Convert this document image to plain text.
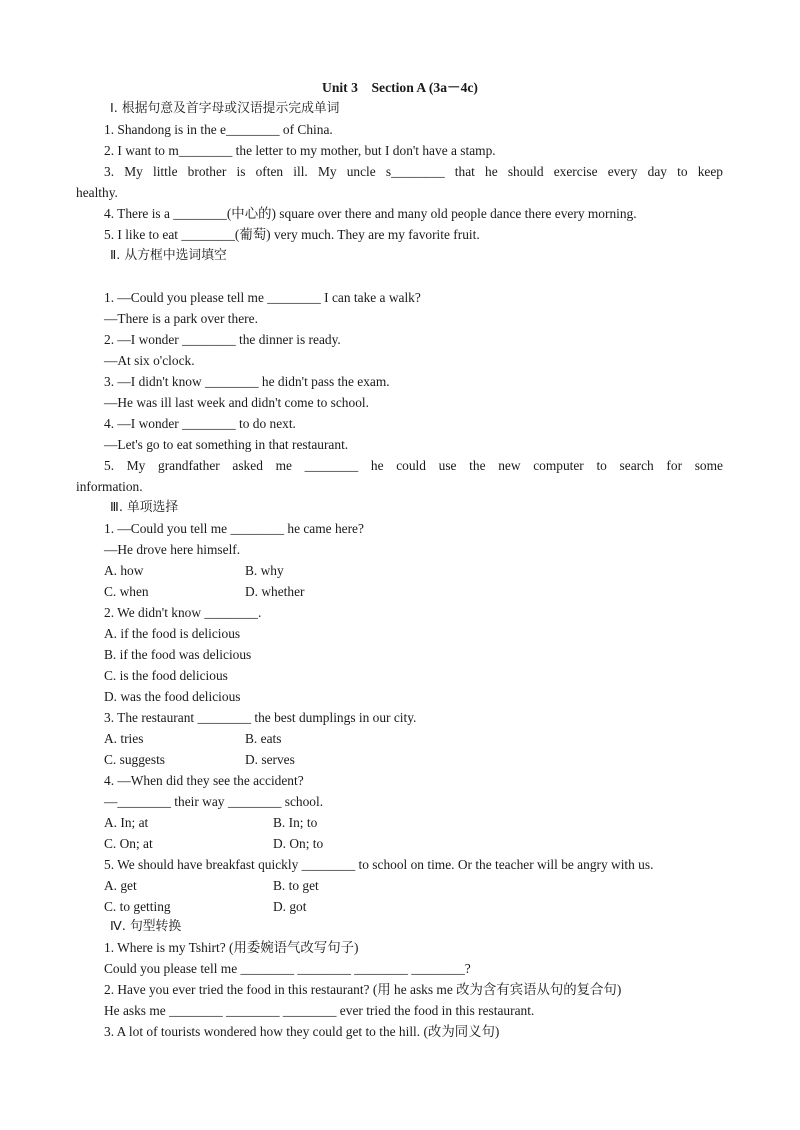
Unit 3　Section A (3a－4c)
Ⅰ. 根据句意及首字母或汉语提示完成单词
1. Shandong is in the e________ of China.
2. I want to m________ the letter to my mother, but I don't have a stamp.
3. My little brother is often ill. My uncle s________ that he should exercise every day to keep
healthy.
4. There is a ________(中心的) square over there and many old people dance there every morning.
5. I like to eat ________(葡萄) very much. They are my favorite fruit.
Ⅱ. 从方框中选词填空
1. —Could you please tell me ________ I can take a walk?
—There is a park over there.
2. —I wonder ________ the dinner is ready.
—At six o'clock.
3. —I didn't know ________ he didn't pass the exam.
—He was ill last week and didn't come to school.
4. —I wonder ________ to do next.
—Let's go to eat something in that restaurant.
5. My grandfather asked me ________ he could use the new computer to search for some
information.
Ⅲ. 单项选择
1. —Could you tell me ________ he came here?
—He drove here himself.
A. how	B. why
C. when	D. whether
2. We didn't know ________.
A. if the food is delicious
B. if the food was delicious
C. is the food delicious
D. was the food delicious
3. The restaurant ________ the best dumplings in our city.
A. tries	B. eats
C. suggests	D. serves
4. —When did they see the accident?
—________ their way ________ school.
A. In; at	B. In; to
C. On; at	D. On; to
5. We should have breakfast quickly ________ to school on time. Or the teacher will be angry with us.
A. get	B. to get
C. to getting	D. got
Ⅳ. 句型转换
1. Where is my Tshirt? (用委婉语气改写句子)
Could you please tell me ________ ________ ________ ________?
2. Have you ever tried the food in this restaurant? (用 he asks me 改为含有宾语从句的复合句)
He asks me ________ ________ ________ ever tried the food in this restaurant.
3. A lot of tourists wondered how they could get to the hill. (改为同义句)
